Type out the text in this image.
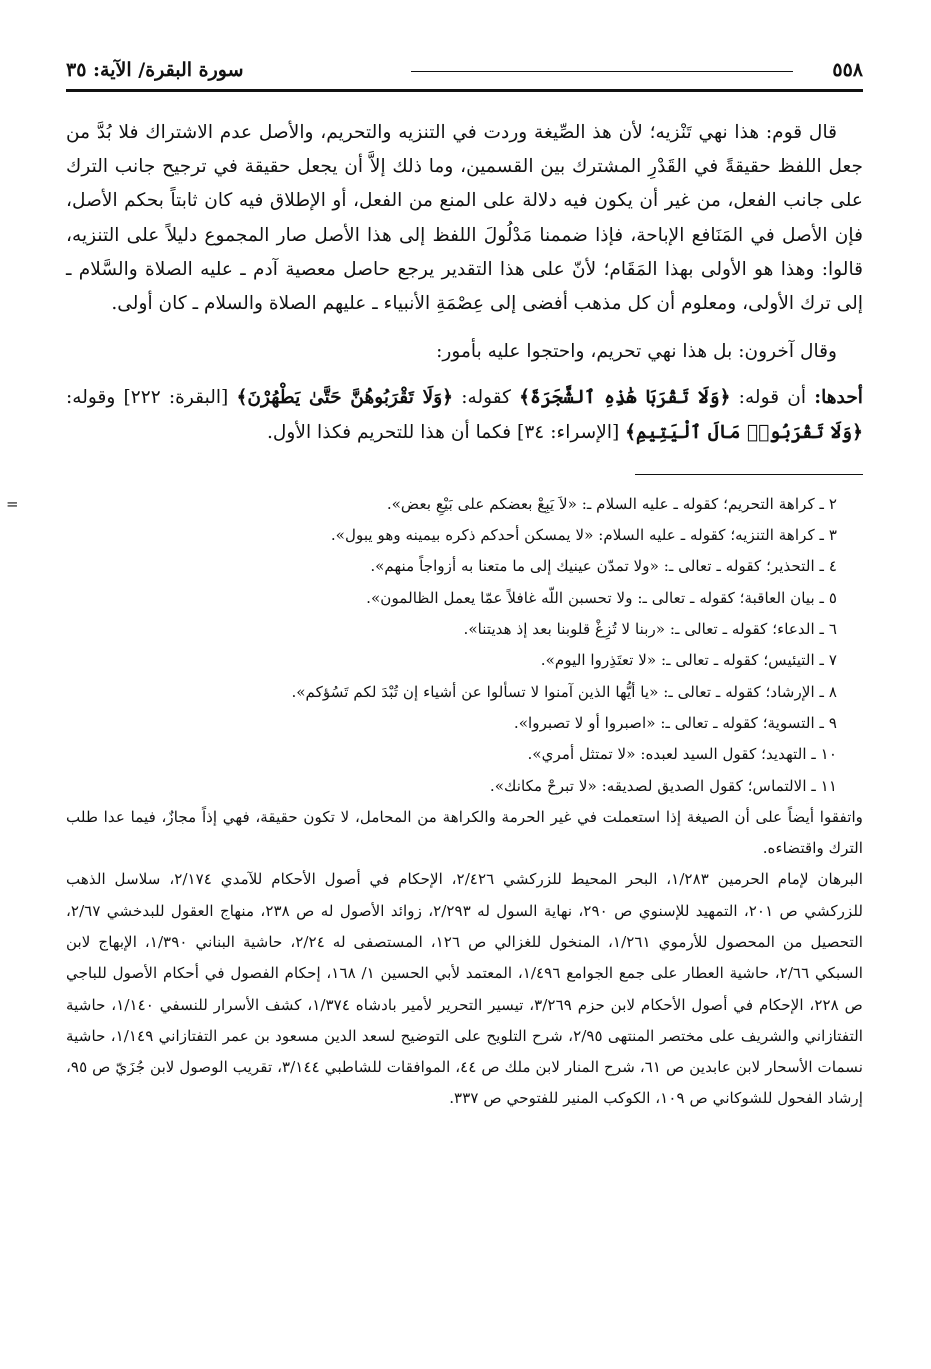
٥٥٨
سورة البقرة/ الآية: ٣٥

قال قوم: هذا نهي تَنْزيه؛ لأن هذ الصِّيغة وردت في التنزيه والتحريم، والأصل عدم الاشتراك فلا بُدَّ من جعل اللفظ حقيقةً في القَدْرِ المشترك بين القسمين، وما ذلك إلاَّ أن يجعل حقيقة في ترجيح جانب الترك على جانب الفعل، من غير أن يكون فيه دلالة على المنع من الفعل، أو الإطلاق فيه كان ثابتاً بحكم الأصل، فإن الأصل في المَنَافع الإباحة، فإذا ضممنا مَدْلُولَ اللفظ إلى هذا الأصل صار المجموع دليلاً على التنزيه، قالوا: وهذا هو الأولى بهذا المَقَام؛ لأنّ على هذا التقدير يرجع حاصل معصية آدم ـ عليه الصلاة والسَّلام ـ إلى ترك الأولى، ومعلوم أن كل مذهب أفضى إلى عِصْمَةِ الأنبياء ـ عليهم الصلاة والسلام ـ كان أولى.

وقال آخرون: بل هذا نهي تحريم، واحتجوا عليه بأمور:

أحدها: أن قوله: ﴿وَلَا تَقْرَبَا هَٰذِهِ ٱلشَّجَرَةَ﴾ كقوله: ﴿وَلَا تَقْرَبُوهُنَّ حَتَّىٰ يَطْهُرْنَ﴾ [البقرة: ٢٢٢] وقوله: ﴿وَلَا تَقْرَبُوا۟ مَالَ ٱلْيَتِيمِ﴾ [الإسراء: ٣٤] فكما أن هذا للتحريم فكذا الأول.

=	٢ ـ كراهة التحريم؛ كقوله ـ عليه السلام ـ: «لاَ يَبِعْ بعضكم على بَيْعِ بعض».

٣ ـ كراهة التنزيه؛ كقوله ـ عليه السلام: «لا يمسكن أحدكم ذكره بيمينه وهو يبول».

٤ ـ التحذير؛ كقوله ـ تعالى ـ: «ولا تمدّن عينيك إلى ما متعنا به أزواجاً منهم».

٥ ـ بيان العاقبة؛ كقوله ـ تعالى ـ: ولا تحسبن اللّه غافلاً عمّا يعمل الظالمون».

٦ ـ الدعاء؛ كقوله ـ تعالى ـ: «ربنا لا تُزِغْ قلوبنا بعد إذ هديتنا».

٧ ـ التيئيس؛ كقوله ـ تعالى ـ: «لا تعتَذِروا اليوم».

٨ ـ الإرشاد؛ كقوله ـ تعالى ـ: «يا أيُّها الذين آمنوا لا تسألوا عن أشياء إن تُبْدَ لكم تَسُؤكم».

٩ ـ التسوية؛ كقوله ـ تعالى ـ: «اصبروا أو لا تصبروا».

١٠ ـ التهديد؛ كقول السيد لعبده: «لا تمتثل أمري».

١١ ـ الالتماس؛ كقول الصديق لصديقه: «لا تبرحْ مكانك».

واتفقوا أيضاً على أن الصيغة إذا استعملت في غير الحرمة والكراهة من المحامل، لا تكون حقيقة، فهي إذاً مجازٌ، فيما عدا طلب الترك واقتضاءه.

البرهان لإمام الحرمين ١/٢٨٣، البحر المحيط للزركشي ٢/٤٢٦، الإحكام في أصول الأحكام للآمدي ٢/١٧٤، سلاسل الذهب للزركشي ص ٢٠١، التمهيد للإسنوي ص ٢٩٠، نهاية السول له ٢/٢٩٣، زوائد الأصول له ص ٢٣٨، منهاج العقول للبدخشي ٢/٦٧، التحصيل من المحصول للأرموي ١/٢٦١، المنخول للغزالي ص ١٢٦، المستصفى له ٢/٢٤، حاشية البناني ١/٣٩٠، الإبهاج لابن السبكي ٢/٦٦، حاشية العطار على جمع الجوامع ١/٤٩٦، المعتمد لأبي الحسين ١/ ١٦٨، إحكام الفصول في أحكام الأصول للباجي ص ٢٢٨، الإحكام في أصول الأحكام لابن حزم ٣/٢٦٩، تيسير التحرير لأمير بادشاه ١/٣٧٤، كشف الأسرار للنسفي ١/١٤٠، حاشية التفتازاني والشريف على مختصر المنتهى ٢/٩٥، شرح التلويح على التوضيح لسعد الدين مسعود بن عمر التفتازاني ١/١٤٩، حاشية نسمات الأسحار لابن عابدين ص ٦١، شرح المنار لابن ملك ص ٤٤، الموافقات للشاطبي ٣/١٤٤، تقريب الوصول لابن جُزَيّ ص ٩٥، إرشاد الفحول للشوكاني ص ١٠٩، الكوكب المنير للفتوحي ص ٣٣٧.
